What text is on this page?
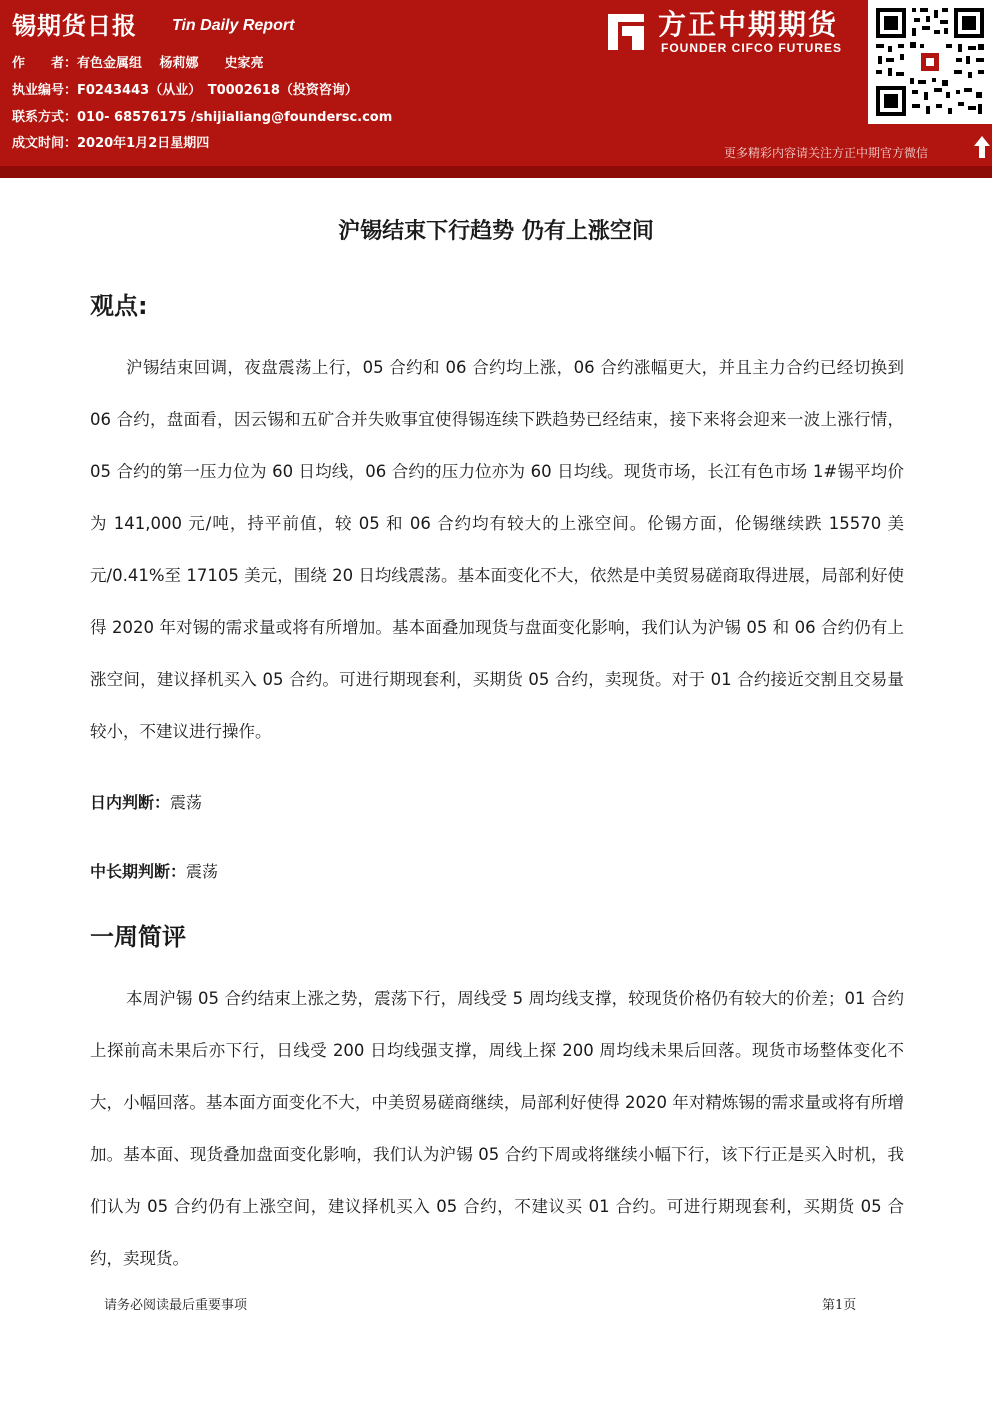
锡期货日报 Tin Daily Report
作　　者：有色金属组　 杨莉娜　　史家亮
执业编号：F0243443（从业）　T0002618（投资咨询）
联系方式：010- 68576175 /shijialiang@foundersc.com
成文时间：2020年1月2日星期四
方正中期期货
FOUNDER CIFCO FUTURES
更多精彩内容请关注方正中期官方微信
沪锡结束下行趋势 仍有上涨空间
观点:

沪锡结束回调，夜盘震荡上行，05 合约和 06 合约均上涨，06 合约涨幅更大，并且主力合约已经切换到 06 合约，盘面看，因云锡和五矿合并失败事宜使得锡连续下跌趋势已经结束，接下来将会迎来一波上涨行情，05 合约的第一压力位为 60 日均线，06 合约的压力位亦为 60 日均线。现货市场，长江有色市场 1#锡平均价为 141,000 元/吨，持平前值，较 05 和 06 合约均有较大的上涨空间。伦锡方面，伦锡继续跌 15570 美元/0.41%至 17105 美元，围绕 20 日均线震荡。基本面变化不大，依然是中美贸易磋商取得进展，局部利好使得 2020 年对锡的需求量或将有所增加。基本面叠加现货与盘面变化影响，我们认为沪锡 05 和 06 合约仍有上涨空间，建议择机买入 05 合约。可进行期现套利，买期货 05 合约，卖现货。对于 01 合约接近交割且交易量较小，不建议进行操作。

日内判断：震荡
中长期判断：震荡
一周简评

本周沪锡 05 合约结束上涨之势，震荡下行，周线受 5 周均线支撑，较现货价格仍有较大的价差；01 合约上探前高未果后亦下行，日线受 200 日均线强支撑，周线上探 200 周均线未果后回落。现货市场整体变化不大，小幅回落。基本面方面变化不大，中美贸易磋商继续，局部利好使得 2020 年对精炼锡的需求量或将有所增加。基本面、现货叠加盘面变化影响，我们认为沪锡 05 合约下周或将继续小幅下行，该下行正是买入时机，我们认为 05 合约仍有上涨空间，建议择机买入 05 合约，不建议买 01 合约。可进行期现套利，买期货 05 合约，卖现货。

请务必阅读最后重要事项	第1页
